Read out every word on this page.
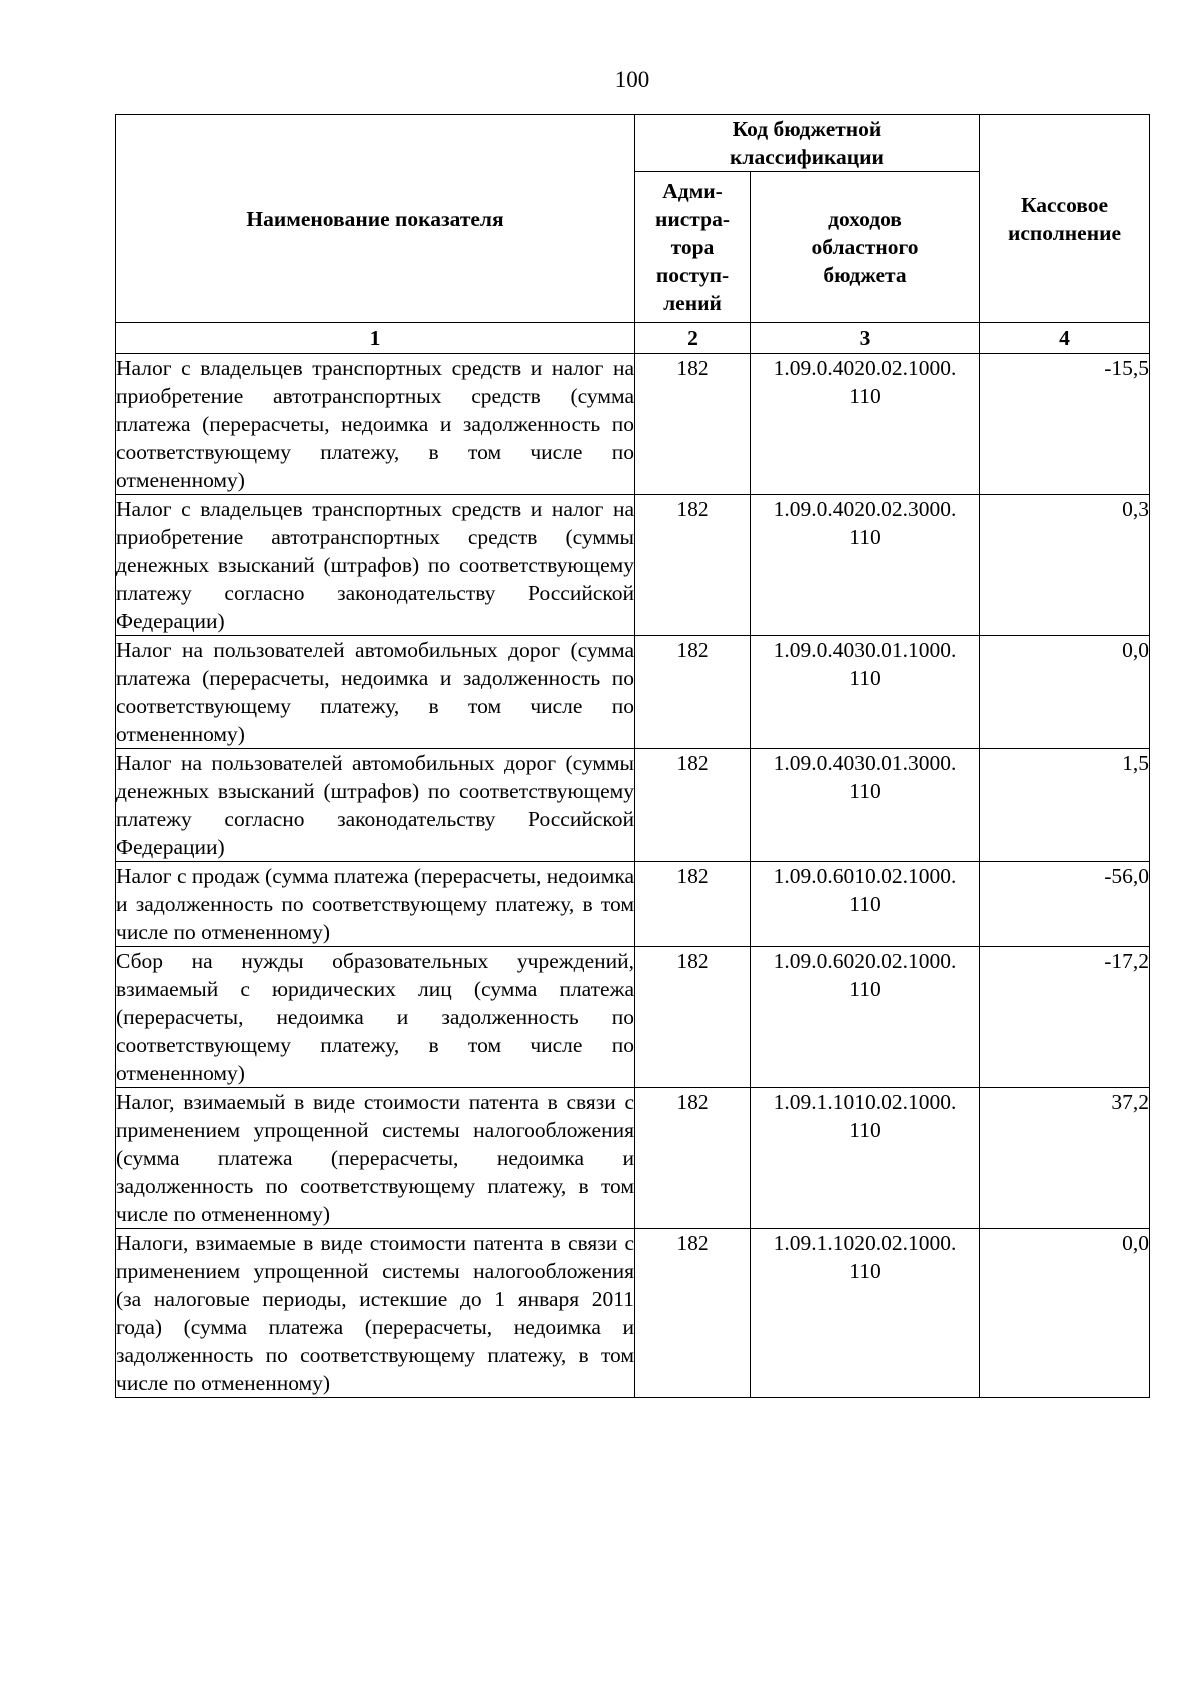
100
Наименование показателя	Код бюджетной классификации		Кассовое исполнение

	Адми- нистра- тора поступ- лений	доходов областного бюджета	

1	2	3	4
Налог с владельцев транспортных средств и налог на приобретение автотранспортных средств (сумма платежа (перерасчеты, недоимка и задолженность по соответствующему платежу, в том числе по отмененному)	182	1.09.0.4020.02.1000. 110	-15,5
Налог с владельцев транспортных средств и налог на приобретение автотранспортных средств (суммы денежных взысканий (штрафов) по соответствующему платежу согласно законодательству Российской Федерации)	182	1.09.0.4020.02.3000. 110	0,3
Налог на пользователей автомобильных дорог (сумма платежа (перерасчеты, недоимка и задолженность по соответствующему платежу, в том числе по отмененному)	182	1.09.0.4030.01.1000. 110	0,0
Налог на пользователей автомобильных дорог (суммы денежных взысканий (штрафов) по соответствующему платежу согласно законодательству Российской Федерации)	182	1.09.0.4030.01.3000. 110	1,5
Налог с продаж (сумма платежа (перерасчеты, недоимка и задолженность по соответствующему платежу, в том числе по отмененному)	182	1.09.0.6010.02.1000. 110	-56,0
Сбор на нужды образовательных учреждений, взимаемый с юридических лиц (сумма платежа (перерасчеты, недоимка и задолженность по соответствующему платежу, в том числе по отмененному)	182	1.09.0.6020.02.1000. 110	-17,2
Налог, взимаемый в виде стоимости патента в связи с применением упрощенной системы налогообложения (сумма платежа (перерасчеты, недоимка и задолженность по соответствующему платежу, в том числе по отмененному)	182	1.09.1.1010.02.1000. 110	37,2
Налоги, взимаемые в виде стоимости патента в связи с применением упрощенной системы налогообложения (за налоговые периоды, истекшие до 1 января 2011 года) (сумма платежа (перерасчеты, недоимка и задолженность по соответствующему платежу, в том числе по отмененному)	182	1.09.1.1020.02.1000. 110	0,0
